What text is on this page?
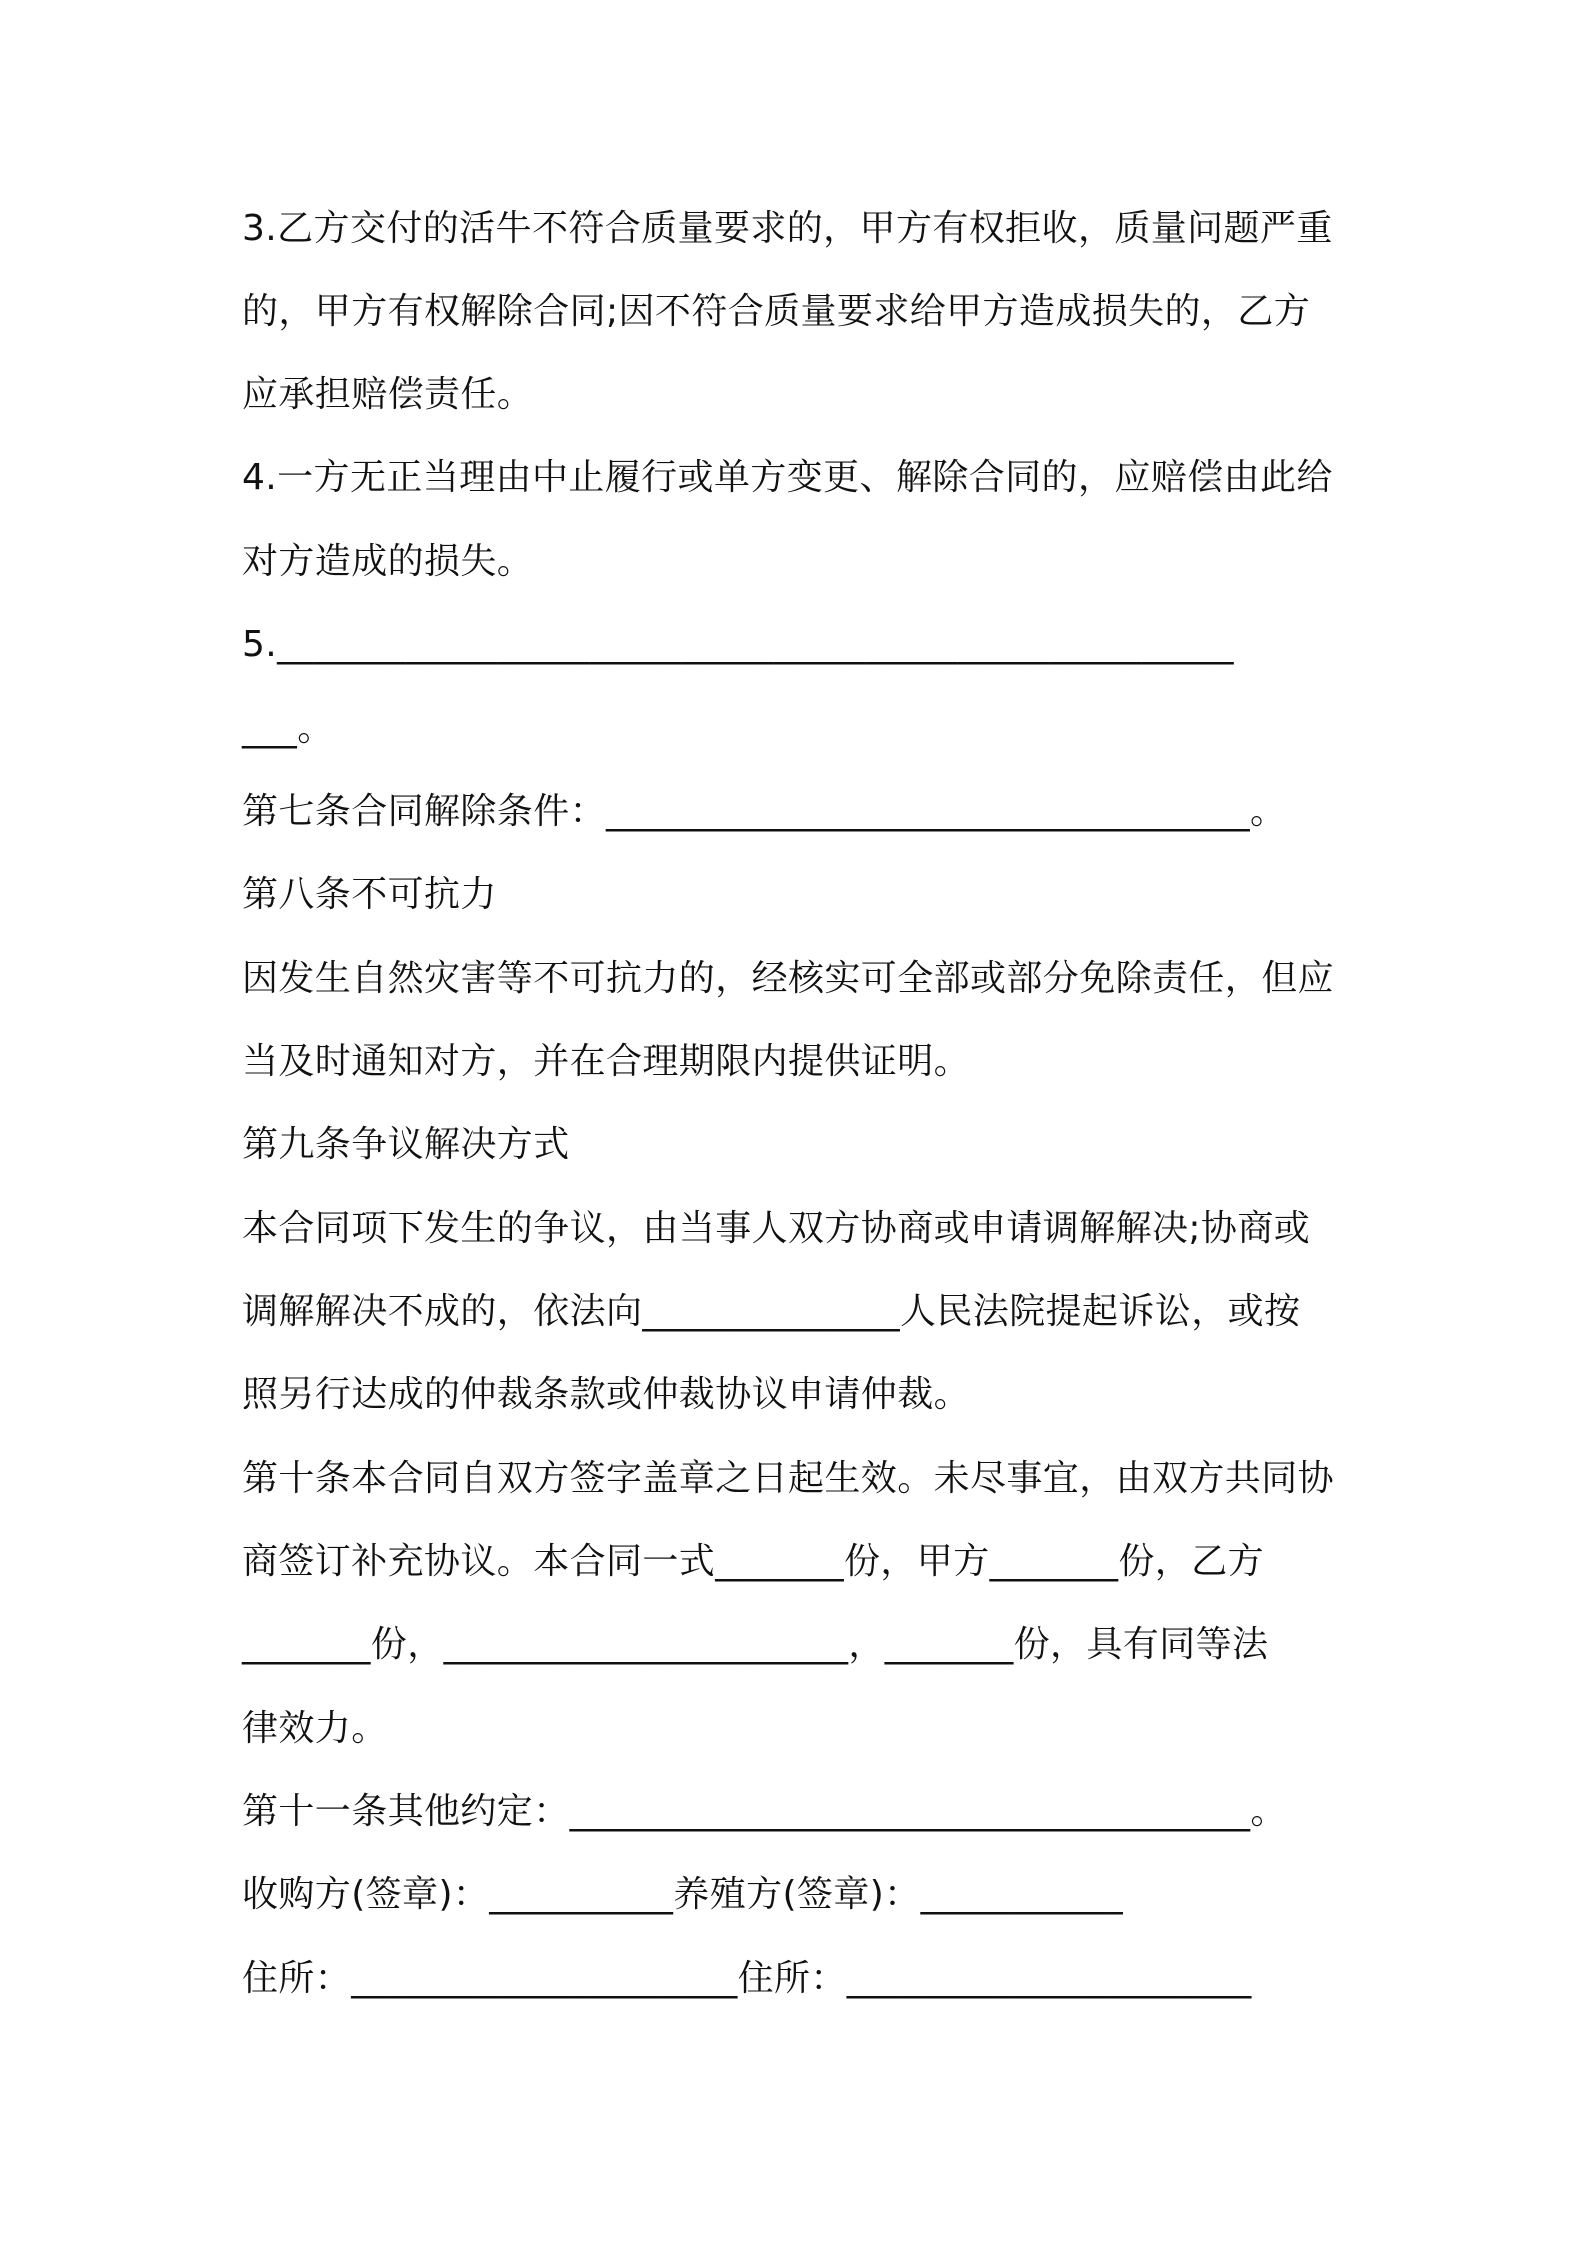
3.乙方交付的活牛不符合质量要求的，甲方有权拒收，质量问题严重
的，甲方有权解除合同;因不符合质量要求给甲方造成损失的，乙方
应承担赔偿责任。
4.一方无正当理由中止履行或单方变更、解除合同的，应赔偿由此给
对方造成的损失。
5.____________________________________________________
___。
第七条合同解除条件：___________________________________。
第八条不可抗力
因发生自然灾害等不可抗力的，经核实可全部或部分免除责任，但应
当及时通知对方，并在合理期限内提供证明。
第九条争议解决方式
本合同项下发生的争议，由当事人双方协商或申请调解解决;协商或
调解解决不成的，依法向______________人民法院提起诉讼，或按
照另行达成的仲裁条款或仲裁协议申请仲裁。
第十条本合同自双方签字盖章之日起生效。未尽事宜，由双方共同协
商签订补充协议。本合同一式_______份，甲方_______份，乙方
_______份，______________________，_______份，具有同等法
律效力。
第十一条其他约定：_____________________________________。
收购方(签章)：__________养殖方(签章)：___________
住所：_____________________住所：______________________
